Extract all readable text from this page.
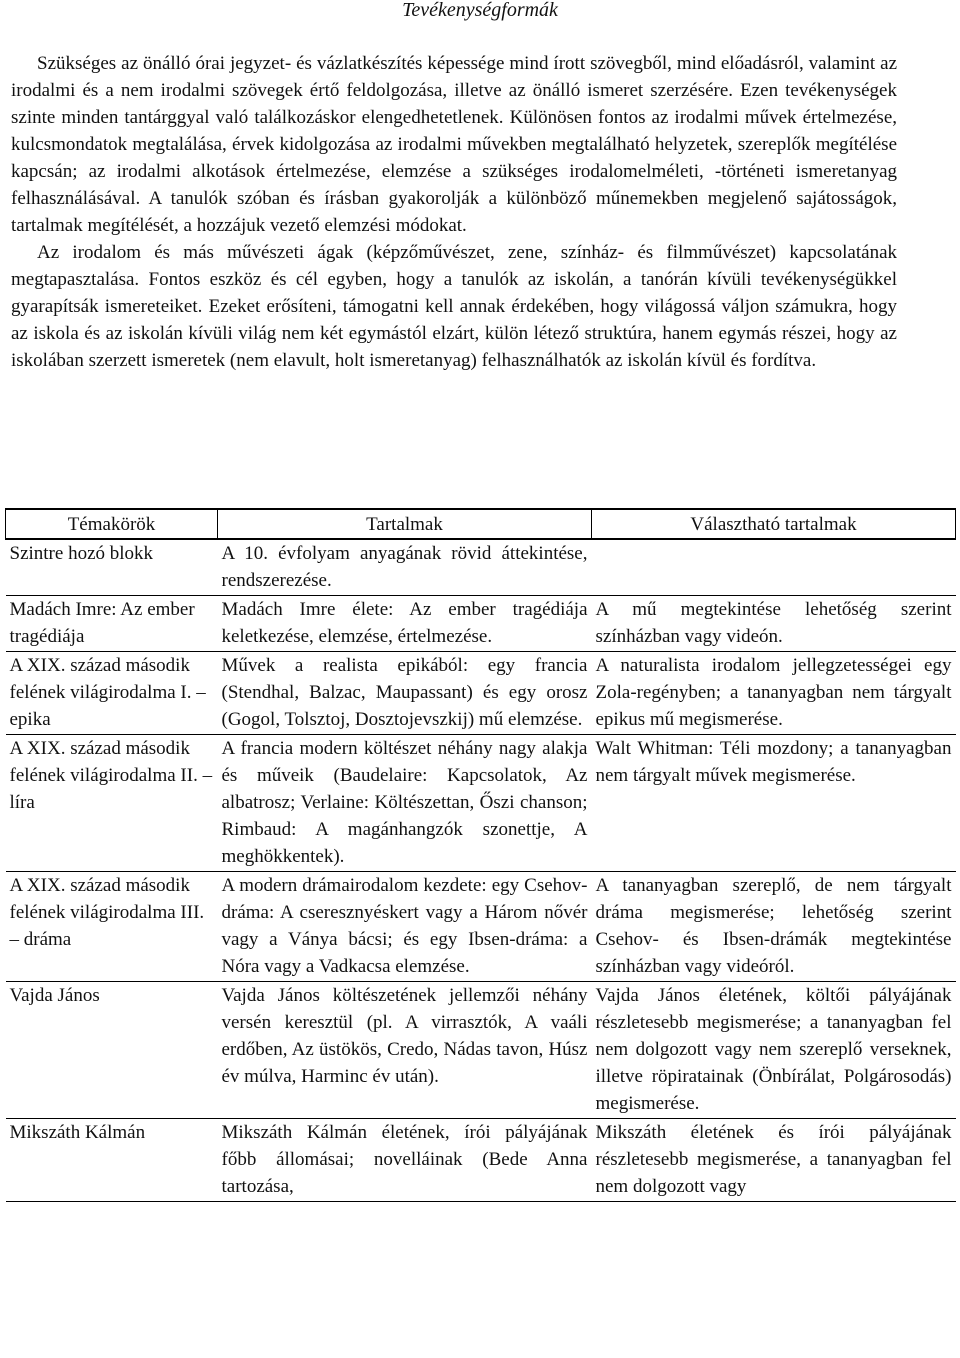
Tevékenységformák

Szükséges az önálló órai jegyzet- és vázlatkészítés képessége mind írott szövegből, mind előadásról, valamint az irodalmi és a nem irodalmi szövegek értő feldolgozása, illetve az önálló ismeret szerzésére. Ezen tevékenységek szinte minden tantárggyal való találkozáskor elengedhetetlenek. Különösen fontos az irodalmi művek értelmezése, kulcsmondatok megtalálása, érvek kidolgozása az irodalmi művekben megtalálható helyzetek, szereplők megítélése kapcsán; az irodalmi alkotások értelmezése, elemzése a szükséges irodalomelméleti, -történeti ismeretanyag felhasználásával. A tanulók szóban és írásban gyakorolják a különböző műnemekben megjelenő sajátosságok, tartalmak megítélését, a hozzájuk vezető elemzési módokat.

Az irodalom és más művészeti ágak (képzőművészet, zene, színház- és filmművészet) kapcsolatának megtapasztalása. Fontos eszköz és cél egyben, hogy a tanulók az iskolán, a tanórán kívüli tevékenységükkel gyarapítsák ismereteiket. Ezeket erősíteni, támogatni kell annak érdekében, hogy világossá váljon számukra, hogy az iskola és az iskolán kívüli világ nem két egymástól elzárt, külön létező struktúra, hanem egymás részei, hogy az iskolában szerzett ismeretek (nem elavult, holt ismeretanyag) felhasználhatók az iskolán kívül és fordítva.

Témakörök	Tartalmak	Választható tartalmak
Szintre hozó blokk	A 10. évfolyam anyagának rövid áttekintése, rendszerezése.	
Madách Imre: Az ember tragédiája	Madách Imre élete: Az ember tragédiája keletkezése, elemzése, értelmezése.	A mű megtekintése lehetőség szerint színházban vagy videón.
A XIX. század második felének világirodalma I. – epika	Művek a realista epikából: egy francia (Stendhal, Balzac, Maupassant) és egy orosz (Gogol, Tolsztoj, Dosztojevszkij) mű elemzése.	A naturalista irodalom jellegzetességei egy Zola-regényben; a tananyagban nem tárgyalt epikus mű megismerése.
A XIX. század második felének világirodalma II. – líra	A francia modern költészet néhány nagy alakja és műveik (Baudelaire: Kapcsolatok, Az albatrosz; Verlaine: Költészettan, Őszi chanson; Rimbaud: A magánhangzók szonettje, A meghökkentek).	Walt Whitman: Téli mozdony; a tananyagban nem tárgyalt művek megismerése.
A XIX. század második felének világirodalma III. – dráma	A modern drámairodalom kezdete: egy Csehov-dráma: A cseresznyéskert vagy a Három nővér vagy a Ványa bácsi; és egy Ibsen-dráma: a Nóra vagy a Vadkacsa elemzése.	A tananyagban szereplő, de nem tárgyalt dráma megismerése; lehetőség szerint Csehov- és Ibsen-drámák megtekintése színházban vagy videóról.
Vajda János	Vajda János költészetének jellemzői néhány versén keresztül (pl. A virrasztók, A vaáli erdőben, Az üstökös, Credo, Nádas tavon, Húsz év múlva, Harminc év után).	Vajda János életének, költői pályájának részletesebb megismerése; a tananyagban fel nem dolgozott vagy nem szereplő verseknek, illetve röpiratainak (Önbírálat, Polgárosodás) megismerése.
Mikszáth Kálmán	Mikszáth Kálmán életének, írói pályájának főbb állomásai; novelláinak (Bede Anna tartozása,	Mikszáth életének és írói pályájának részletesebb megismerése, a tananyagban fel nem dolgozott vagy
